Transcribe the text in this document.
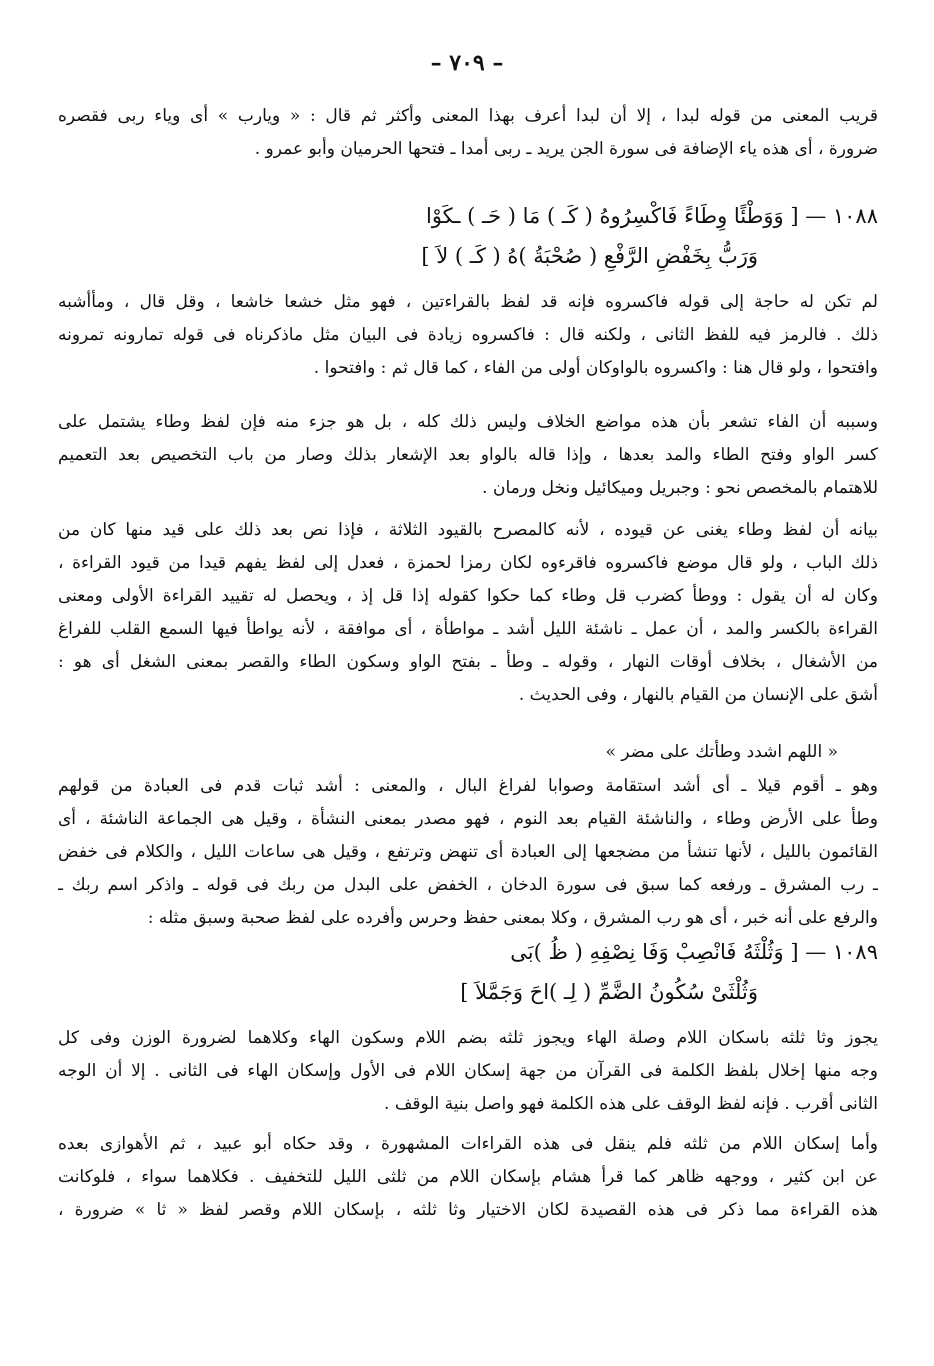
– ٧٠٩ –
قريب المعنى من قوله لبدا ، إلا أن لبدا أعرف بهذا المعنى وأكثر ثم قال : « ويارب » أى وياء ربى فقصره
ضرورة ، أى هذه ياء الإضافة فى سورة الجن يريد ـ ربى أمدا ـ فتحها الحرميان وأبو عمرو .
١٠٨٨ — [ وَوَطْئًا وِطَاءً فَاكْسِرُوهُ ( كَـ ) مَا ( حَـ ) ـكَوْا
وَرَبُّ بِخَفْضِ الرَّفْعِ ( صُحْبَةُ )هُ ( كَـ ) لاَ ]
لم تكن له حاجة إلى قوله فاكسروه فإنه قد لفظ بالقراءتين ، فهو مثل خشعا خاشعا ، وقل قال ، ومأأشبه
ذلك . فالرمز فيه للفظ الثانى ، ولكنه قال : فاكسروه زيادة فى البيان مثل ماذكرناه فى قوله تمارونه تمرونه
وافتحوا ، ولو قال هنا : واكسروه بالواوكان أولى من الفاء ، كما قال ثم : وافتحوا .
وسببه أن الفاء تشعر بأن هذه مواضع الخلاف وليس ذلك كله ، بل هو جزء منه فإن لفظ وطاء يشتمل على
كسر الواو وفتح الطاء والمد بعدها ، وإذا قاله بالواو بعد الإشعار بذلك وصار من باب التخصيص بعد التعميم
للاهتمام بالمخصص نحو : وجبريل وميكائيل ونخل ورمان .
بيانه أن لفظ وطاء يغنى عن قيوده ، لأنه كالمصرح بالقيود الثلاثة ، فإذا نص بعد ذلك على قيد منها كان من
ذلك الباب ، ولو قال موضع فاكسروه فاقرءوه لكان رمزا لحمزة ، فعدل إلى لفظ يفهم قيدا من قيود القراءة ،
وكان له أن يقول : ووطأ كضرب قل وطاء كما حكوا كقوله إذا قل إذ ، ويحصل له تقييد القراءة الأولى ومعنى
القراءة بالكسر والمد ، أن عمل ـ ناشئة الليل أشد ـ مواطأة ، أى موافقة ، لأنه يواطأ فيها السمع القلب للفراغ
من الأشغال ، بخلاف أوقات النهار ، وقوله ـ وطأ ـ بفتح الواو وسكون الطاء والقصر بمعنى الشغل أى هو :
أشق على الإنسان من القيام بالنهار ، وفى الحديث .
« اللهم اشدد وطأتك على مضر »
وهو ـ أقوم قيلا ـ أى أشد استقامة وصوابا لفراغ البال ، والمعنى : أشد ثبات قدم فى العبادة من قولهم
وطأ على الأرض وطاء ، والناشئة القيام بعد النوم ، فهو مصدر بمعنى النشأة ، وقيل هى الجماعة الناشئة ، أى
القائمون بالليل ، لأنها تنشأ من مضجعها إلى العبادة أى تنهض وترتفع ، وقيل هى ساعات الليل ، والكلام فى خفض
ـ رب المشرق ـ ورفعه كما سبق فى سورة الدخان ، الخفض على البدل من ربك فى قوله ـ واذكر اسم ربك ـ
والرفع على أنه خبر ، أى هو رب المشرق ، وكلا بمعنى حفظ وحرس وأفرده على لفظ صحبة وسبق مثله :
١٠٨٩ — [ وَثُلْثَهُ فَانْصِبْ وَفَا نِصْفِهِ ( ظُ )بَى
وَثُلْثَىْ سُكُونُ الضَّمِّ ( لِـ )احَ وَجَمَّلاَ ]
يجوز وثا ثلثه باسكان اللام وصلة الهاء ويجوز ثلثه بضم اللام وسكون الهاء وكلاهما لضرورة الوزن وفى كل
وجه منها إخلال بلفظ الكلمة فى القرآن من جهة إسكان اللام فى الأول وإسكان الهاء فى الثانى . إلا أن الوجه
الثانى أقرب . فإنه لفظ الوقف على هذه الكلمة فهو واصل بنية الوقف .
وأما إسكان اللام من ثلثه فلم ينقل فى هذه القراءات المشهورة ، وقد حكاه أبو عبيد ، ثم الأهوازى بعده
عن ابن كثير ، ووجهه ظاهر كما قرأ هشام بإسكان اللام من ثلثى الليل للتخفيف . فكلاهما سواء ، فلوكانت
هذه القراءة مما ذكر فى هذه القصيدة لكان الاختيار وثا ثلثه ، بإسكان اللام وقصر لفظ « ثا » ضرورة ،
